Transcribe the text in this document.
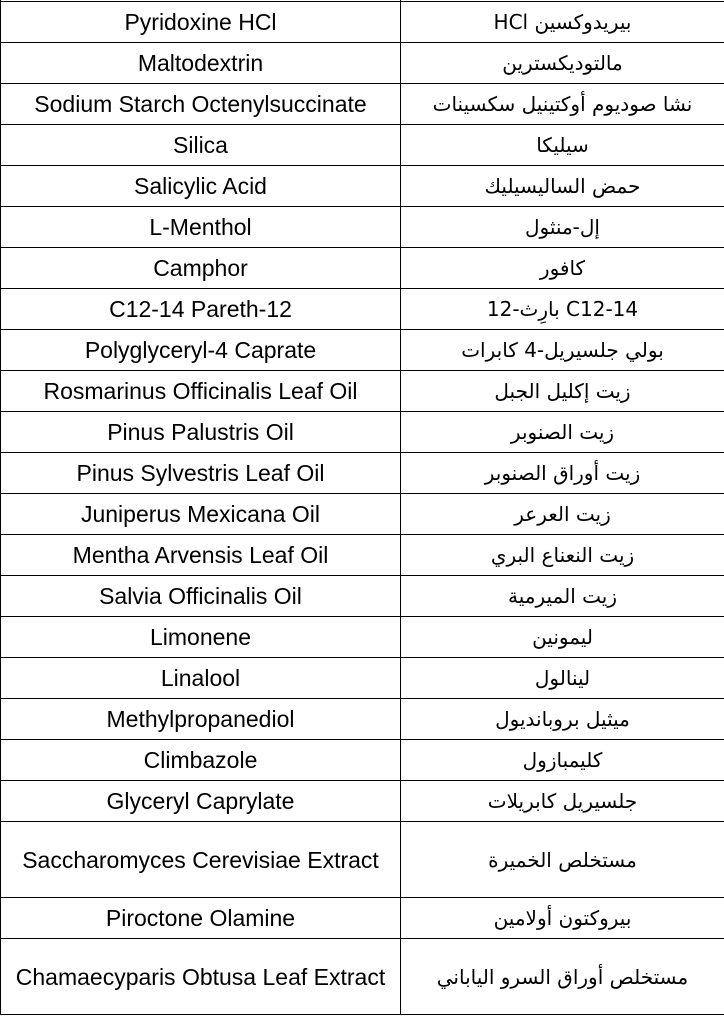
Pyridoxine HCl	بيريدوكسين HCl
Maltodextrin	مالتوديكسترين
Sodium Starch Octenylsuccinate	نشا صوديوم أوكتينيل سكسينات
Silica	سيليكا
Salicylic Acid	حمض الساليسيليك
L-Menthol	إل-منثول
Camphor	كافور
C12-14 Pareth-12	C12-14 بارِث-12
Polyglyceryl-4 Caprate	بولي جلسيريل-4 كابرات
Rosmarinus Officinalis Leaf Oil	زيت إكليل الجبل
Pinus Palustris Oil	زيت الصنوبر
Pinus Sylvestris Leaf Oil	زيت أوراق الصنوبر
Juniperus Mexicana Oil	زيت العرعر
Mentha Arvensis Leaf Oil	زيت النعناع البري
Salvia Officinalis Oil	زيت الميرمية
Limonene	ليمونين
Linalool	لينالول
Methylpropanediol	ميثيل بروبانديول
Climbazole	كليمبازول
Glyceryl Caprylate	جلسيريل كابريلات
Saccharomyces Cerevisiae Extract	مستخلص الخميرة
Piroctone Olamine	بيروكتون أولامين
Chamaecyparis Obtusa Leaf Extract	مستخلص أوراق السرو الياباني
